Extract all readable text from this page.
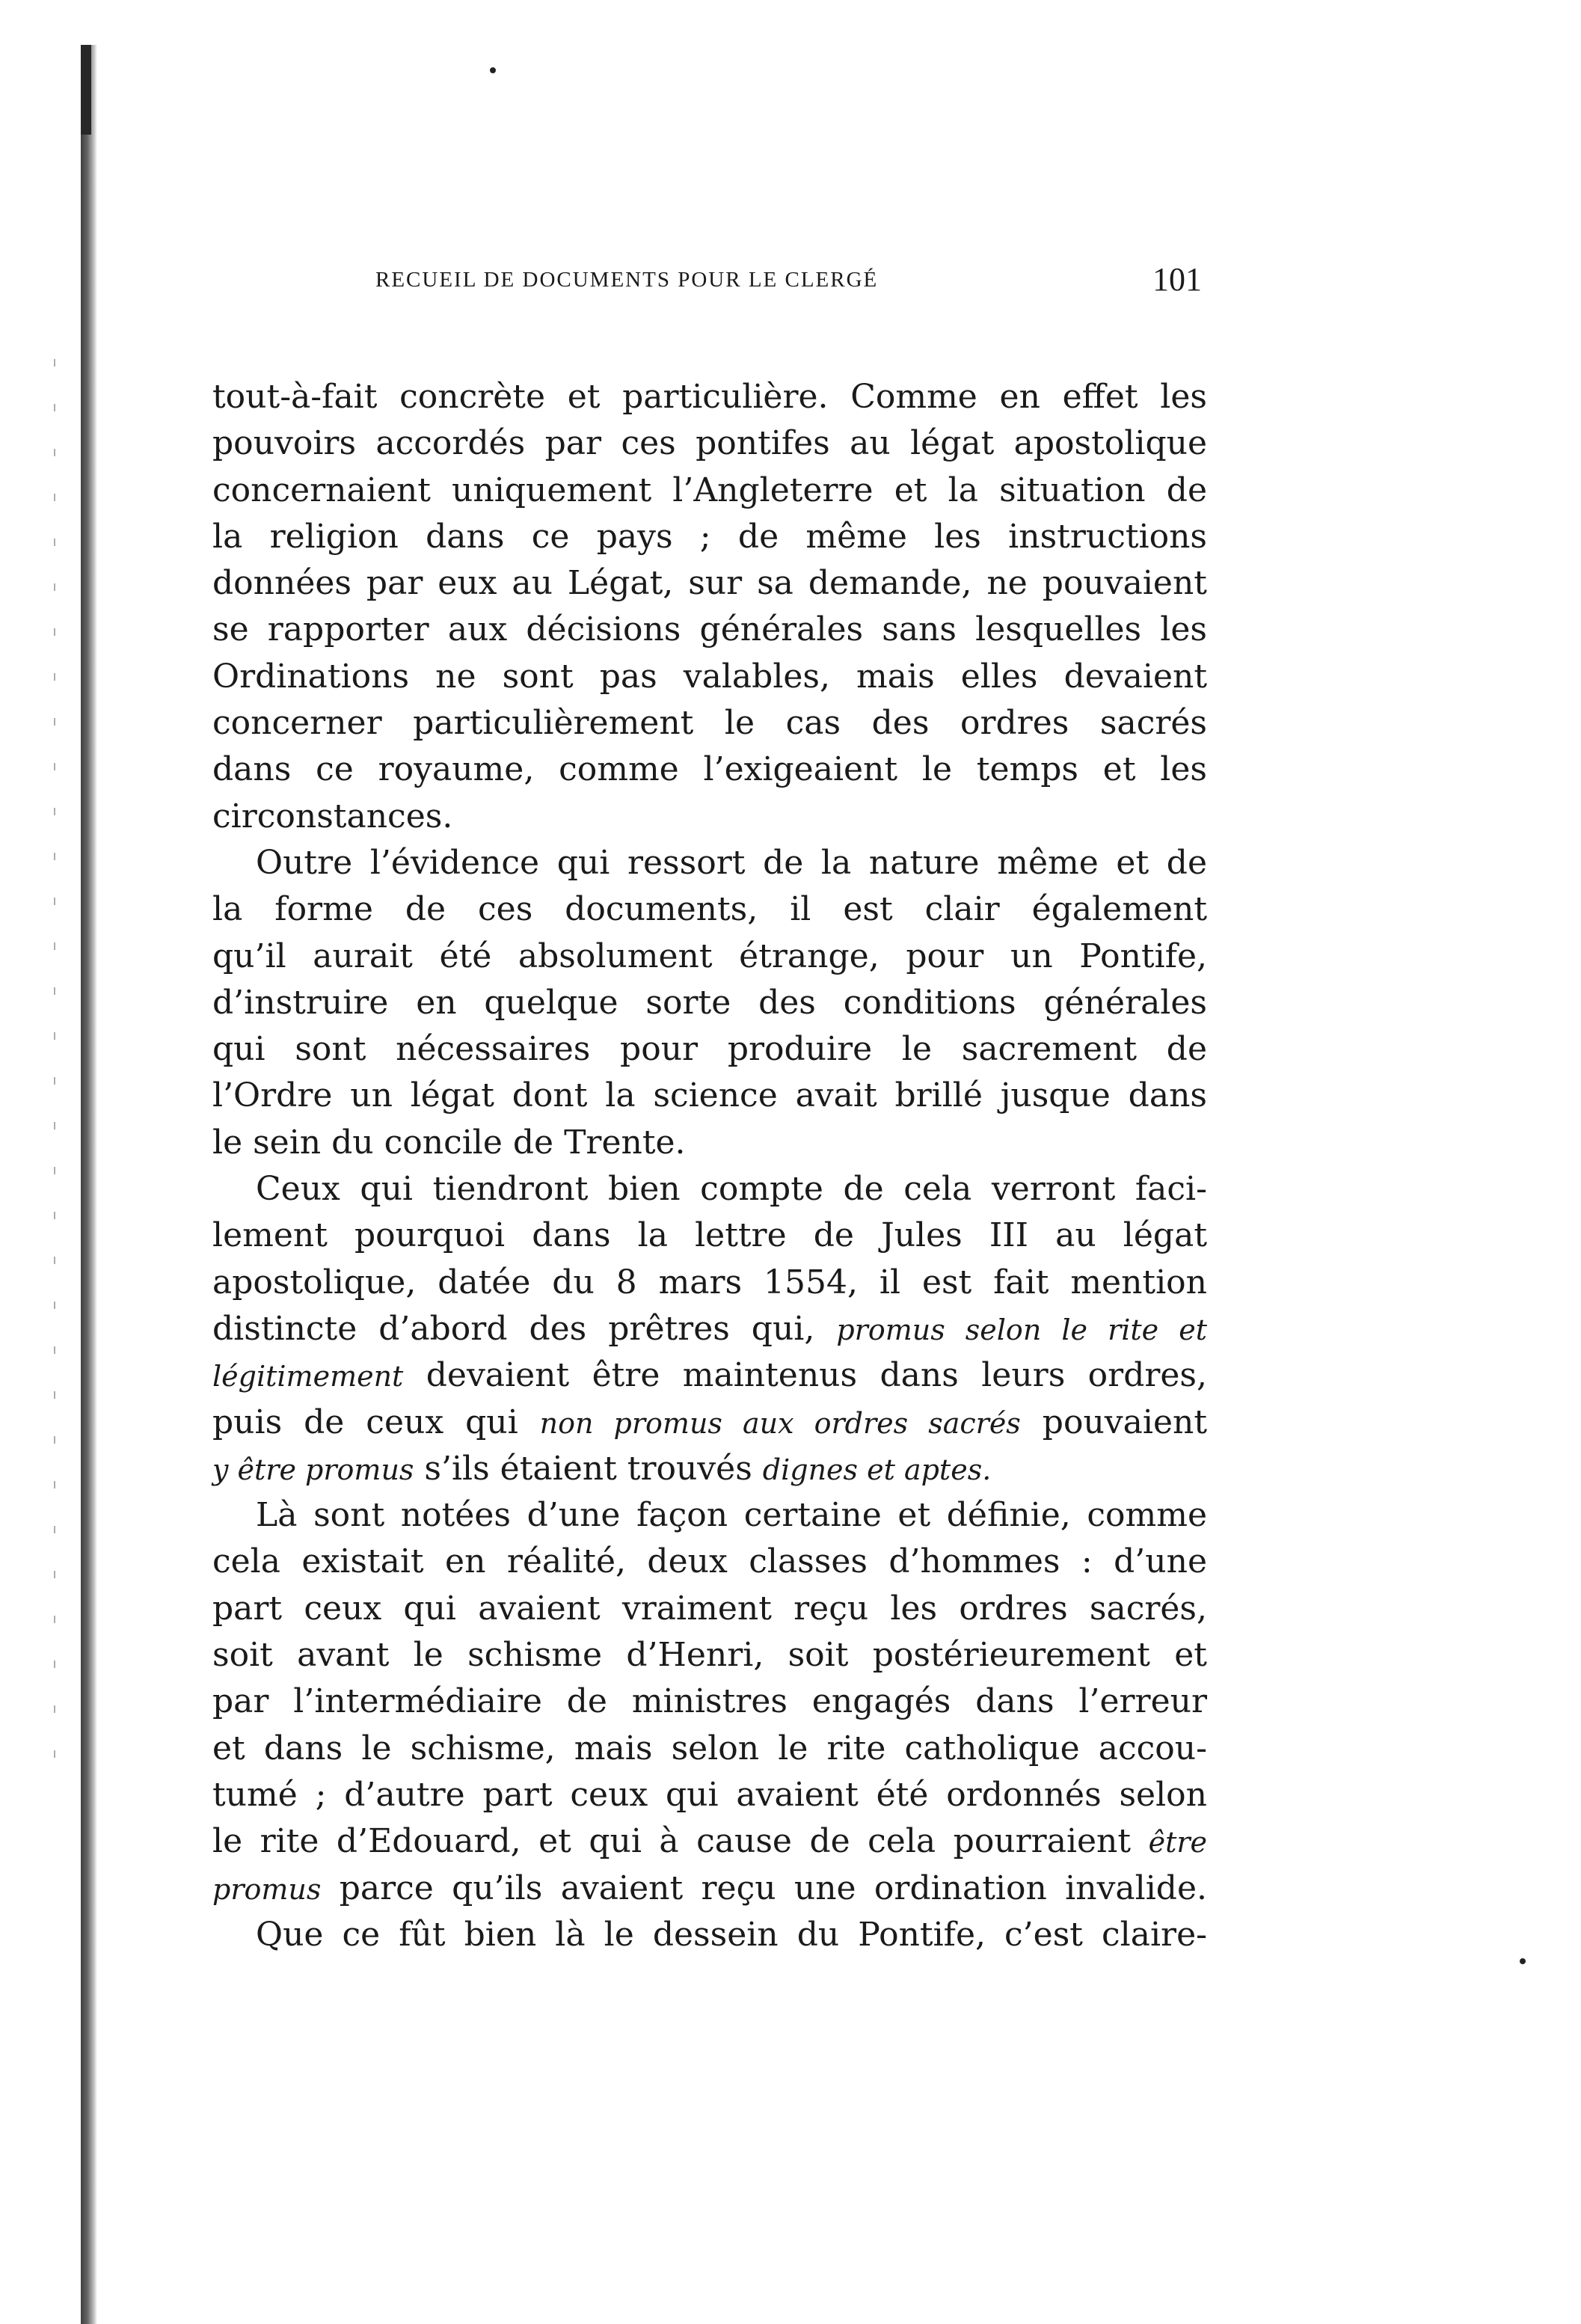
RECUEIL DE DOCUMENTS POUR LE CLERGÉ	101
tout-à-fait concrète et particulière. Comme en effet les
pouvoirs accordés par ces pontifes au légat apostolique
concernaient uniquement l’Angleterre et la situation de
la religion dans ce pays ; de même les instructions
données par eux au Légat, sur sa demande, ne pouvaient
se rapporter aux décisions générales sans lesquelles les
Ordinations ne sont pas valables, mais elles devaient
concerner particulièrement le cas des ordres sacrés
dans ce royaume, comme l’exigeaient le temps et les
circonstances.
Outre l’évidence qui ressort de la nature même et de
la forme de ces documents, il est clair également
qu’il aurait été absolument étrange, pour un Pontife,
d’instruire en quelque sorte des conditions générales
qui sont nécessaires pour produire le sacrement de
l’Ordre un légat dont la science avait brillé jusque dans
le sein du concile de Trente.
Ceux qui tiendront bien compte de cela verront faci-
lement pourquoi dans la lettre de Jules III au légat
apostolique, datée du 8 mars 1554, il est fait mention
distincte d’abord des prêtres qui, promus selon le rite et
légitimement devaient être maintenus dans leurs ordres,
puis de ceux qui non promus aux ordres sacrés pouvaient
y être promus s’ils étaient trouvés dignes et aptes.
Là sont notées d’une façon certaine et définie, comme
cela existait en réalité, deux classes d’hommes : d’une
part ceux qui avaient vraiment reçu les ordres sacrés,
soit avant le schisme d’Henri, soit postérieurement et
par l’intermédiaire de ministres engagés dans l’erreur
et dans le schisme, mais selon le rite catholique accou-
tumé ; d’autre part ceux qui avaient été ordonnés selon
le rite d’Edouard, et qui à cause de cela pourraient être
promus parce qu’ils avaient reçu une ordination invalide.
Que ce fût bien là le dessein du Pontife, c’est claire-
